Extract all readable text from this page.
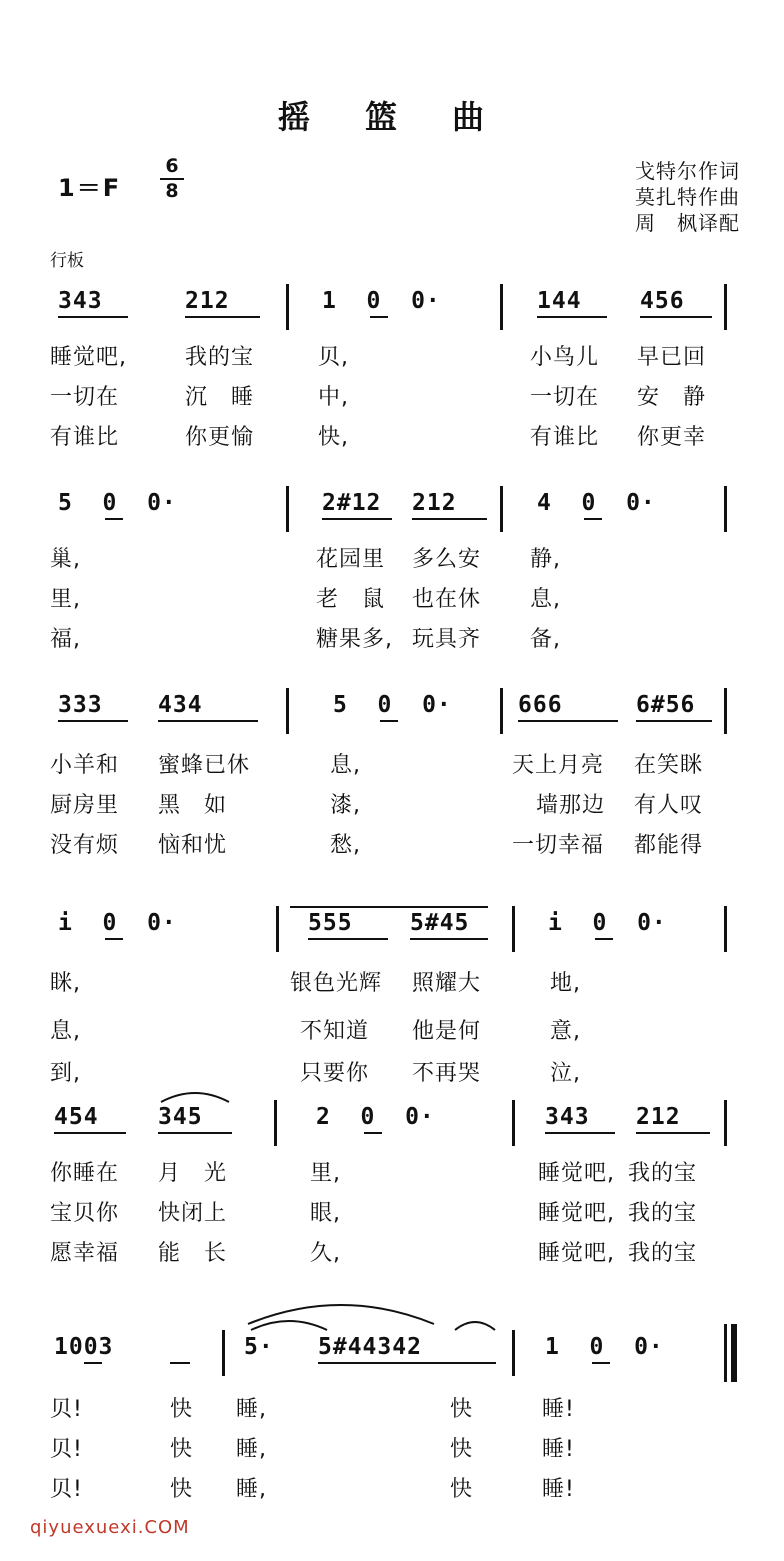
摇 篮 曲
1＝F
6
8
戈特尔作词
莫扎特作曲
周　枫译配
行板
343	212	1  0  0·	144	456
睡觉吧,	我的宝	贝,	小鸟儿 早已回
一切在	沉　睡	中,	一切在 安　静
有谁比	你更愉	快,	有谁比 你更幸
5  0  0·	2#12 212	4  0  0·
巢,	花园里 多么安 静,
里,	老　鼠 也在休 息,
福,	糖果多, 玩具齐 备,
333 434	5  0  0·	666	6#56
小羊和 蜜蜂已休	息,	天上月亮 在笑眯
厨房里 黑　如	漆,	墙那边 有人叹
没有烦 恼和忧	愁,	一切幸福 都能得
i  0  0·	555 5#45	i  0  0·
眯,	银色光辉 照耀大	地,
息,	不知道 他是何	意,
到,	只要你 不再哭	泣,
454	345	2  0  0·	343 212
你睡在 月　光	里,	睡觉吧, 我的宝
宝贝你 快闭上	眼,	睡觉吧, 我的宝
愿幸福 能　长	久,	睡觉吧, 我的宝
1003	5· 5#44342	1  0  0·
贝!	快 睡,	快	睡!
贝!	快 睡,	快	睡!
贝!	快 睡,	快	睡!
qiyuexuexi.COM
